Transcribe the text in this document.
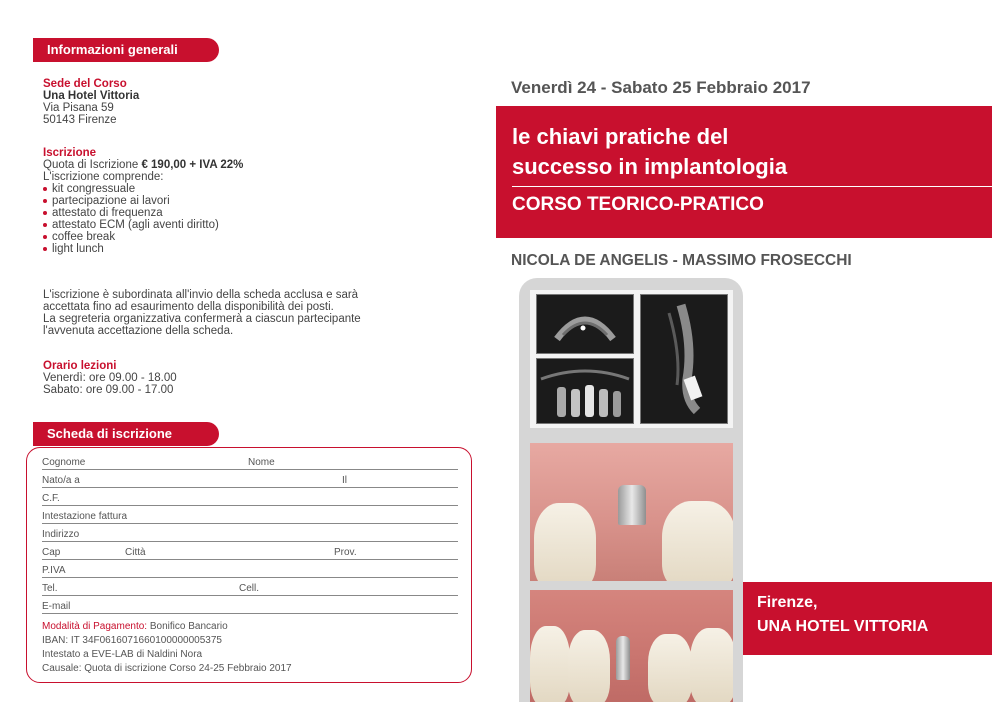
Informazioni generali
Sede del Corso
Una Hotel Vittoria
Via Pisana 59
50143 Firenze
Iscrizione
Quota di Iscrizione € 190,00 + IVA 22%
L'iscrizione comprende:
kit congressuale
partecipazione ai lavori
attestato di frequenza
attestato ECM (agli aventi diritto)
coffee break
light lunch
L'iscrizione è subordinata all'invio della scheda acclusa e sarà
accettata fino ad esaurimento della disponibilità dei posti.
La segreteria organizzativa confermerà a ciascun partecipante
l'avvenuta accettazione della scheda.
Orario lezioni
Venerdì: ore 09.00 - 18.00
Sabato: ore 09.00 - 17.00
Scheda di iscrizione
Cognome	Nome
Nato/a a	Il
C.F.
Intestazione fattura
Indirizzo
Cap	Città	Prov.
P.IVA
Tel.	Cell.
E-mail
Modalità di Pagamento: Bonifico Bancario
IBAN: IT 34F0616071660100000005375
Intestato a EVE-LAB di Naldini Nora
Causale: Quota di iscrizione Corso 24-25 Febbraio 2017
Venerdì 24 - Sabato 25 Febbraio 2017
le chiavi pratiche del
successo in implantologia
CORSO TEORICO-PRATICO
NICOLA DE ANGELIS - MASSIMO FROSECCHI
Firenze,
UNA HOTEL VITTORIA
